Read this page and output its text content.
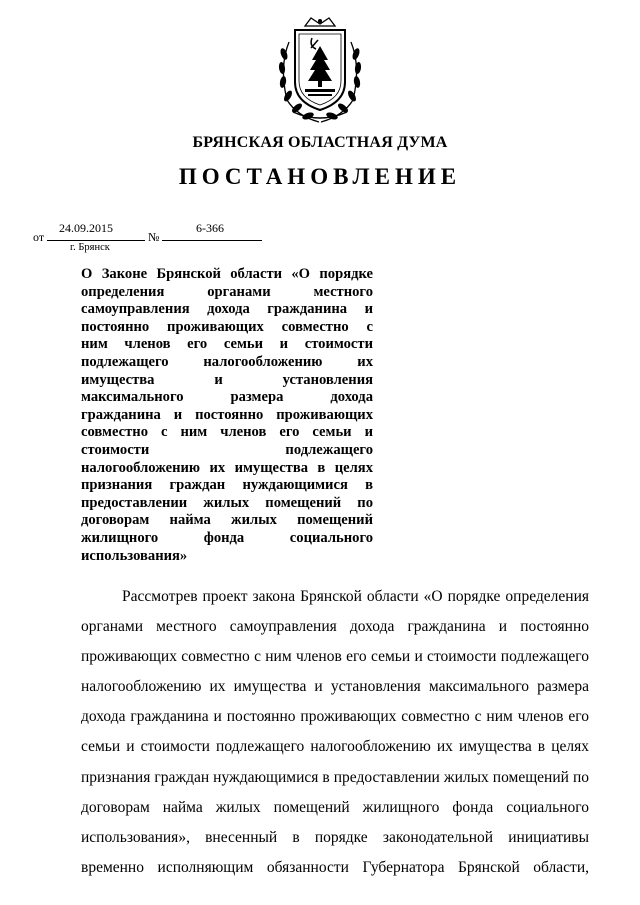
БРЯНСКАЯ ОБЛАСТНАЯ ДУМА
ПОСТАНОВЛЕНИЕ
от
24.09.2015
№
6-366
г. Брянск
О Законе Брянской области «О порядке
определения органами местного
самоуправления дохода гражданина и
постоянно проживающих совместно с
ним членов его семьи и стоимости
подлежащего налогообложению их
имущества и установления
максимального размера дохода
гражданина и постоянно проживающих
совместно с ним членов его семьи и
стоимости подлежащего
налогообложению их имущества в целях
признания граждан нуждающимися в
предоставлении жилых помещений по
договорам найма жилых помещений
жилищного фонда социального
использования»
Рассмотрев проект закона Брянской области «О порядке определения
органами местного самоуправления дохода гражданина и постоянно
проживающих совместно с ним членов его семьи и стоимости подлежащего
налогообложению их имущества и установления максимального размера
дохода гражданина и постоянно проживающих совместно с ним членов его
семьи и стоимости подлежащего налогообложению их имущества в целях
признания граждан нуждающимися в предоставлении жилых помещений по
договорам найма жилых помещений жилищного фонда социального
использования», внесенный в порядке законодательной инициативы
временно исполняющим обязанности Губернатора Брянской области,
